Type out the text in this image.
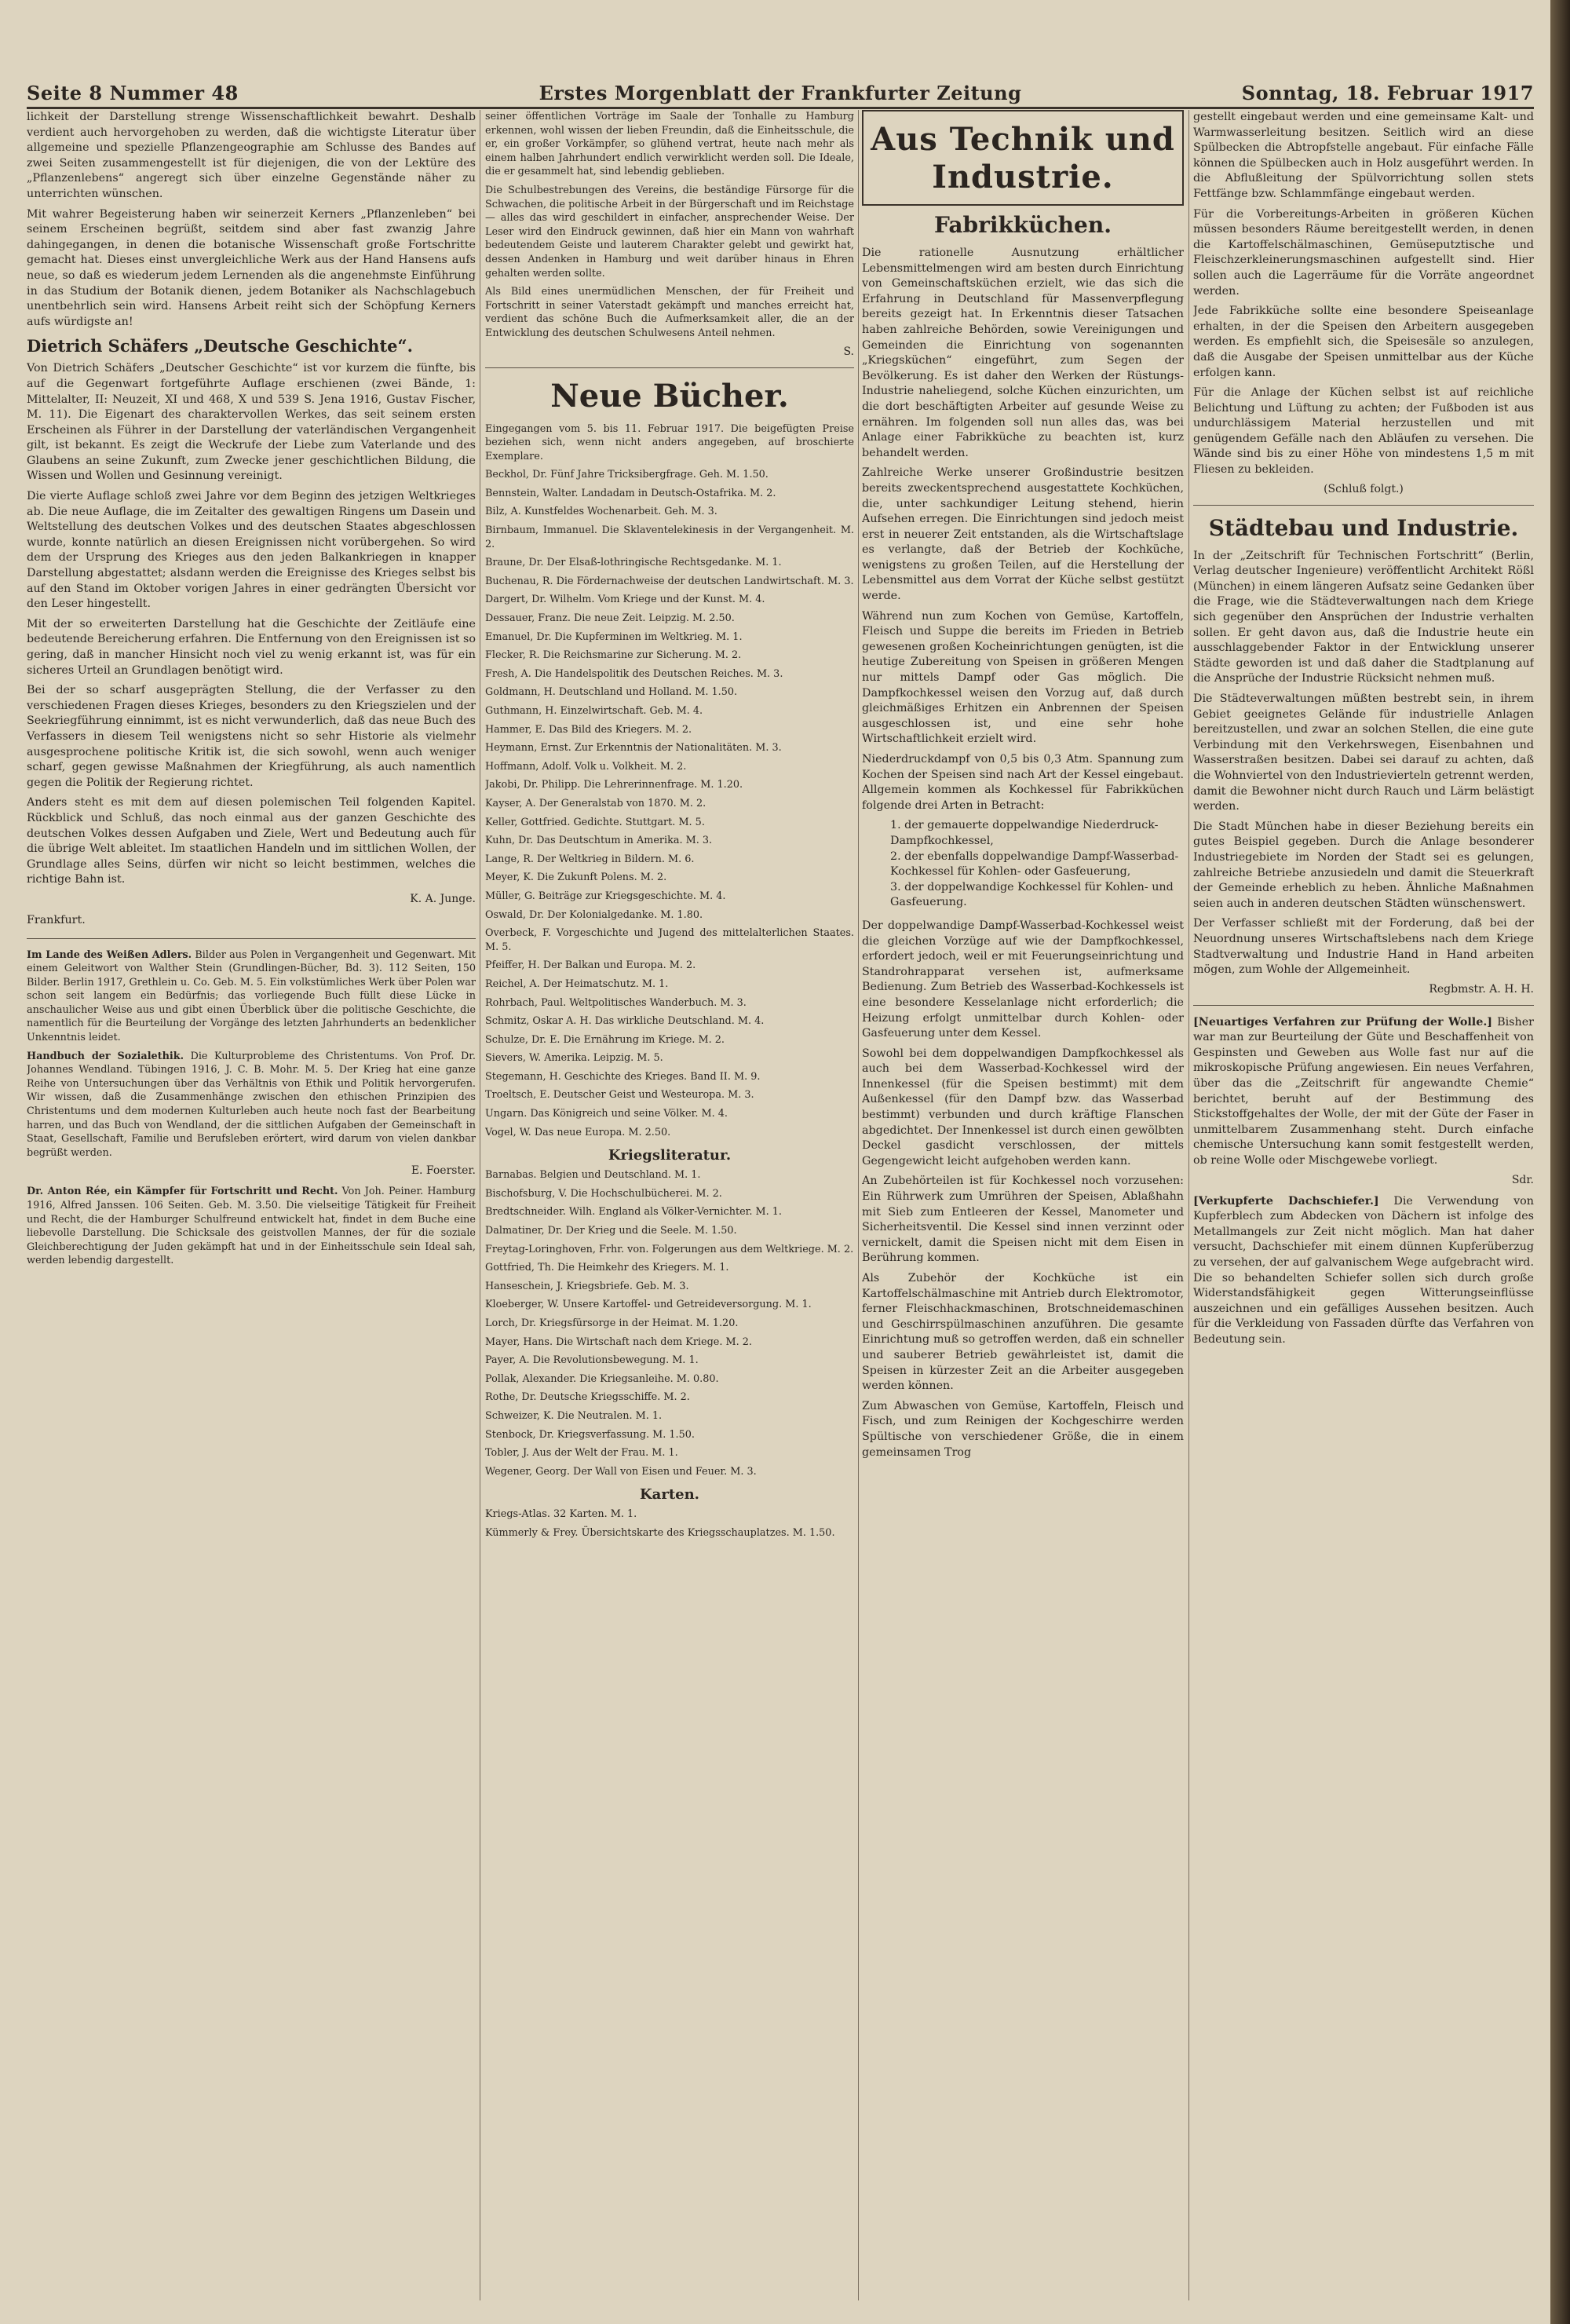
Seite 8 Nummer 48	Erstes Morgenblatt der Frankfurter Zeitung	Sonntag, 18. Februar 1917

lichkeit der Darstellung strenge Wissenschaftlichkeit bewahrt. Deshalb verdient auch hervorgehoben zu werden, daß die wichtigste Literatur über allgemeine und spezielle Pflanzengeographie am Schlusse des Bandes auf zwei Seiten zusammengestellt ist für diejenigen, die von der Lektüre des „Pflanzenlebens“ angeregt sich über einzelne Gegenstände näher zu unterrichten wünschen.

Mit wahrer Begeisterung haben wir seinerzeit Kerners „Pflanzenleben“ bei seinem Erscheinen begrüßt, seitdem sind aber fast zwanzig Jahre dahingegangen, in denen die botanische Wissenschaft große Fortschritte gemacht hat. Dieses einst unvergleichliche Werk aus der Hand Hansens aufs neue, so daß es wiederum jedem Lernenden als die angenehmste Einführung in das Studium der Botanik dienen, jedem Botaniker als Nachschlagebuch unentbehrlich sein wird. Hansens Arbeit reiht sich der Schöpfung Kerners aufs würdigste an!

Dietrich Schäfers „Deutsche Geschichte“.

Von Dietrich Schäfers „Deutscher Geschichte“ ist vor kurzem die fünfte, bis auf die Gegenwart fortgeführte Auflage erschienen (zwei Bände, 1: Mittelalter, II: Neuzeit, XI und 468, X und 539 S. Jena 1916, Gustav Fischer, M. 11). Die Eigenart des charaktervollen Werkes, das seit seinem ersten Erscheinen als Führer in der Darstellung der vaterländischen Vergangenheit gilt, ist bekannt. Es zeigt die Weckrufe der Liebe zum Vaterlande und des Glaubens an seine Zukunft, zum Zwecke jener geschichtlichen Bildung, die Wissen und Wollen und Gesinnung vereinigt.

Die vierte Auflage schloß zwei Jahre vor dem Beginn des jetzigen Weltkrieges ab. Die neue Auflage, die im Zeitalter des gewaltigen Ringens um Dasein und Weltstellung des deutschen Volkes und des deutschen Staates abgeschlossen wurde, konnte natürlich an diesen Ereignissen nicht vorübergehen. So wird dem der Ursprung des Krieges aus den jeden Balkankriegen in knapper Darstellung abgestattet; alsdann werden die Ereignisse des Krieges selbst bis auf den Stand im Oktober vorigen Jahres in einer gedrängten Übersicht vor den Leser hingestellt.

Mit der so erweiterten Darstellung hat die Geschichte der Zeitläufe eine bedeutende Bereicherung erfahren. Die Entfernung von den Ereignissen ist so gering, daß in mancher Hinsicht noch viel zu wenig erkannt ist, was für ein sicheres Urteil an Grundlagen benötigt wird.

Bei der so scharf ausgeprägten Stellung, die der Verfasser zu den verschiedenen Fragen dieses Krieges, besonders zu den Kriegszielen und der Seekriegführung einnimmt, ist es nicht verwunderlich, daß das neue Buch des Verfassers in diesem Teil wenigstens nicht so sehr Historie als vielmehr ausgesprochene politische Kritik ist, die sich sowohl, wenn auch weniger scharf, gegen gewisse Maßnahmen der Kriegführung, als auch namentlich gegen die Politik der Regierung richtet.

Anders steht es mit dem auf diesen polemischen Teil folgenden Kapitel. Rückblick und Schluß, das noch einmal aus der ganzen Geschichte des deutschen Volkes dessen Aufgaben und Ziele, Wert und Bedeutung auch für die übrige Welt ableitet. Im staatlichen Handeln und im sittlichen Wollen, der Grundlage alles Seins, dürfen wir nicht so leicht bestimmen, welches die richtige Bahn ist.

K. A. Junge.

Frankfurt.

Im Lande des Weißen Adlers. Bilder aus Polen in Vergangenheit und Gegenwart. Mit einem Geleitwort von Walther Stein (Grundlingen-Bücher, Bd. 3). 112 Seiten, 150 Bilder. Berlin 1917, Grethlein u. Co. Geb. M. 5. Ein volkstümliches Werk über Polen war schon seit langem ein Bedürfnis; das vorliegende Buch füllt diese Lücke in anschaulicher Weise aus und gibt einen Überblick über die politische Geschichte, die namentlich für die Beurteilung der Vorgänge des letzten Jahrhunderts an bedenklicher Unkenntnis leidet.

Handbuch der Sozialethik. Die Kulturprobleme des Christentums. Von Prof. Dr. Johannes Wendland. Tübingen 1916, J. C. B. Mohr. M. 5. Der Krieg hat eine ganze Reihe von Untersuchungen über das Verhältnis von Ethik und Politik hervorgerufen. Wir wissen, daß die Zusammenhänge zwischen den ethischen Prinzipien des Christentums und dem modernen Kulturleben auch heute noch fast der Bearbeitung harren, und das Buch von Wendland, der die sittlichen Aufgaben der Gemeinschaft in Staat, Gesellschaft, Familie und Berufsleben erörtert, wird darum von vielen dankbar begrüßt werden.

E. Foerster.

Dr. Anton Rée, ein Kämpfer für Fortschritt und Recht. Von Joh. Peiner. Hamburg 1916, Alfred Janssen. 106 Seiten. Geb. M. 3.50. Die vielseitige Tätigkeit für Freiheit und Recht, die der Hamburger Schulfreund entwickelt hat, findet in dem Buche eine liebevolle Darstellung. Die Schicksale des geistvollen Mannes, der für die soziale Gleichberechtigung der Juden gekämpft hat und in der Einheitsschule sein Ideal sah, werden lebendig dargestellt.

seiner öffentlichen Vorträge im Saale der Tonhalle zu Hamburg erkennen, wohl wissen der lieben Freundin, daß die Einheitsschule, die er, ein großer Vorkämpfer, so glühend vertrat, heute nach mehr als einem halben Jahrhundert endlich verwirklicht werden soll. Die Ideale, die er gesammelt hat, sind lebendig geblieben.

Die Schulbestrebungen des Vereins, die beständige Fürsorge für die Schwachen, die politische Arbeit in der Bürgerschaft und im Reichstage — alles das wird geschildert in einfacher, ansprechender Weise. Der Leser wird den Eindruck gewinnen, daß hier ein Mann von wahrhaft bedeutendem Geiste und lauterem Charakter gelebt und gewirkt hat, dessen Andenken in Hamburg und weit darüber hinaus in Ehren gehalten werden sollte.

Als Bild eines unermüdlichen Menschen, der für Freiheit und Fortschritt in seiner Vaterstadt gekämpft und manches erreicht hat, verdient das schöne Buch die Aufmerksamkeit aller, die an der Entwicklung des deutschen Schulwesens Anteil nehmen.

S.
Neue Bücher.

Eingegangen vom 5. bis 11. Februar 1917. Die beigefügten Preise beziehen sich, wenn nicht anders angegeben, auf broschierte Exemplare.

Beckhol, Dr. Fünf Jahre Tricksibergfrage. Geh. M. 1.50.

Bennstein, Walter. Landadam in Deutsch-Ostafrika. M. 2.

Bilz, A. Kunstfeldes Wochenarbeit. Geh. M. 3.

Birnbaum, Immanuel. Die Sklaventelekinesis in der Vergangenheit. M. 2.

Braune, Dr. Der Elsaß-lothringische Rechtsgedanke. M. 1.

Buchenau, R. Die Fördernachweise der deutschen Landwirtschaft. M. 3.

Dargert, Dr. Wilhelm. Vom Kriege und der Kunst. M. 4.

Dessauer, Franz. Die neue Zeit. Leipzig. M. 2.50.

Emanuel, Dr. Die Kupferminen im Weltkrieg. M. 1.

Flecker, R. Die Reichsmarine zur Sicherung. M. 2.

Fresh, A. Die Handelspolitik des Deutschen Reiches. M. 3.

Goldmann, H. Deutschland und Holland. M. 1.50.

Guthmann, H. Einzelwirtschaft. Geb. M. 4.

Hammer, E. Das Bild des Kriegers. M. 2.

Heymann, Ernst. Zur Erkenntnis der Nationalitäten. M. 3.

Hoffmann, Adolf. Volk u. Volkheit. M. 2.

Jakobi, Dr. Philipp. Die Lehrerinnenfrage. M. 1.20.

Kayser, A. Der Generalstab von 1870. M. 2.

Keller, Gottfried. Gedichte. Stuttgart. M. 5.

Kuhn, Dr. Das Deutschtum in Amerika. M. 3.

Lange, R. Der Weltkrieg in Bildern. M. 6.

Meyer, K. Die Zukunft Polens. M. 2.

Müller, G. Beiträge zur Kriegsgeschichte. M. 4.

Oswald, Dr. Der Kolonialgedanke. M. 1.80.

Overbeck, F. Vorgeschichte und Jugend des mittelalterlichen Staates. M. 5.

Pfeiffer, H. Der Balkan und Europa. M. 2.

Reichel, A. Der Heimatschutz. M. 1.

Rohrbach, Paul. Weltpolitisches Wanderbuch. M. 3.

Schmitz, Oskar A. H. Das wirkliche Deutschland. M. 4.

Schulze, Dr. E. Die Ernährung im Kriege. M. 2.

Sievers, W. Amerika. Leipzig. M. 5.

Stegemann, H. Geschichte des Krieges. Band II. M. 9.

Troeltsch, E. Deutscher Geist und Westeuropa. M. 3.

Ungarn. Das Königreich und seine Völker. M. 4.

Vogel, W. Das neue Europa. M. 2.50.

Kriegsliteratur.

Barnabas. Belgien und Deutschland. M. 1.

Bischofsburg, V. Die Hochschulbücherei. M. 2.

Bredtschneider. Wilh. England als Völker-Vernichter. M. 1.

Dalmatiner, Dr. Der Krieg und die Seele. M. 1.50.

Freytag-Loringhoven, Frhr. von. Folgerungen aus dem Weltkriege. M. 2.

Gottfried, Th. Die Heimkehr des Kriegers. M. 1.

Hanseschein, J. Kriegsbriefe. Geb. M. 3.

Kloeberger, W. Unsere Kartoffel- und Getreideversorgung. M. 1.

Lorch, Dr. Kriegsfürsorge in der Heimat. M. 1.20.

Mayer, Hans. Die Wirtschaft nach dem Kriege. M. 2.

Payer, A. Die Revolutionsbewegung. M. 1.

Pollak, Alexander. Die Kriegsanleihe. M. 0.80.

Rothe, Dr. Deutsche Kriegsschiffe. M. 2.

Schweizer, K. Die Neutralen. M. 1.

Stenbock, Dr. Kriegsverfassung. M. 1.50.

Tobler, J. Aus der Welt der Frau. M. 1.

Wegener, Georg. Der Wall von Eisen und Feuer. M. 3.

Karten.

Kriegs-Atlas. 32 Karten. M. 1.

Kümmerly & Frey. Übersichtskarte des Kriegsschauplatzes. M. 1.50.

Aus Technik und Industrie.
Fabrikküchen.

Die rationelle Ausnutzung erhältlicher Lebensmittelmengen wird am besten durch Einrichtung von Gemeinschaftsküchen erzielt, wie das sich die Erfahrung in Deutschland für Massenverpflegung bereits gezeigt hat. In Erkenntnis dieser Tatsachen haben zahlreiche Behörden, sowie Vereinigungen und Gemeinden die Einrichtung von sogenannten „Kriegsküchen“ eingeführt, zum Segen der Bevölkerung. Es ist daher den Werken der Rüstungs-Industrie naheliegend, solche Küchen einzurichten, um die dort beschäftigten Arbeiter auf gesunde Weise zu ernähren. Im folgenden soll nun alles das, was bei Anlage einer Fabrikküche zu beachten ist, kurz behandelt werden.

Zahlreiche Werke unserer Großindustrie besitzen bereits zweckentsprechend ausgestattete Kochküchen, die, unter sachkundiger Leitung stehend, hierin Aufsehen erregen. Die Einrichtungen sind jedoch meist erst in neuerer Zeit entstanden, als die Wirtschaftslage es verlangte, daß der Betrieb der Kochküche, wenigstens zu großen Teilen, auf die Herstellung der Lebensmittel aus dem Vorrat der Küche selbst gestützt werde.

Während nun zum Kochen von Gemüse, Kartoffeln, Fleisch und Suppe die bereits im Frieden in Betrieb gewesenen großen Kocheinrichtungen genügten, ist die heutige Zubereitung von Speisen in größeren Mengen nur mittels Dampf oder Gas möglich. Die Dampfkochkessel weisen den Vorzug auf, daß durch gleichmäßiges Erhitzen ein Anbrennen der Speisen ausgeschlossen ist, und eine sehr hohe Wirtschaftlichkeit erzielt wird.

Niederdruckdampf von 0,5 bis 0,3 Atm. Spannung zum Kochen der Speisen sind nach Art der Kessel eingebaut. Allgemein kommen als Kochkessel für Fabrikküchen folgende drei Arten in Betracht:

1. der gemauerte doppelwandige Niederdruck-Dampfkochkessel,
2. der ebenfalls doppelwandige Dampf-Wasserbad-Kochkessel für Kohlen- oder Gasfeuerung,
3. der doppelwandige Kochkessel für Kohlen- und Gasfeuerung.

Der doppelwandige Dampf-Wasserbad-Kochkessel weist die gleichen Vorzüge auf wie der Dampfkochkessel, erfordert jedoch, weil er mit Feuerungseinrichtung und Standrohrapparat versehen ist, aufmerksame Bedienung. Zum Betrieb des Wasserbad-Kochkessels ist eine besondere Kesselanlage nicht erforderlich; die Heizung erfolgt unmittelbar durch Kohlen- oder Gasfeuerung unter dem Kessel.

Sowohl bei dem doppelwandigen Dampfkochkessel als auch bei dem Wasserbad-Kochkessel wird der Innenkessel (für die Speisen bestimmt) mit dem Außenkessel (für den Dampf bzw. das Wasserbad bestimmt) verbunden und durch kräftige Flanschen abgedichtet. Der Innenkessel ist durch einen gewölbten Deckel gasdicht verschlossen, der mittels Gegengewicht leicht aufgehoben werden kann.

An Zubehörteilen ist für Kochkessel noch vorzusehen: Ein Rührwerk zum Umrühren der Speisen, Ablaßhahn mit Sieb zum Entleeren der Kessel, Manometer und Sicherheitsventil. Die Kessel sind innen verzinnt oder vernickelt, damit die Speisen nicht mit dem Eisen in Berührung kommen.

Als Zubehör der Kochküche ist ein Kartoffelschälmaschine mit Antrieb durch Elektromotor, ferner Fleischhackmaschinen, Brotschneidemaschinen und Geschirrspülmaschinen anzuführen. Die gesamte Einrichtung muß so getroffen werden, daß ein schneller und sauberer Betrieb gewährleistet ist, damit die Speisen in kürzester Zeit an die Arbeiter ausgegeben werden können.

Zum Abwaschen von Gemüse, Kartoffeln, Fleisch und Fisch, und zum Reinigen der Kochgeschirre werden Spültische von verschiedener Größe, die in einem gemeinsamen Trog

gestellt eingebaut werden und eine gemeinsame Kalt- und Warmwasserleitung besitzen. Seitlich wird an diese Spülbecken die Abtropfstelle angebaut. Für einfache Fälle können die Spülbecken auch in Holz ausgeführt werden. In die Abflußleitung der Spülvorrichtung sollen stets Fettfänge bzw. Schlammfänge eingebaut werden.

Für die Vorbereitungs-Arbeiten in größeren Küchen müssen besonders Räume bereitgestellt werden, in denen die Kartoffelschälmaschinen, Gemüseputztische und Fleischzerkleinerungsmaschinen aufgestellt sind. Hier sollen auch die Lagerräume für die Vorräte angeordnet werden.

Jede Fabrikküche sollte eine besondere Speiseanlage erhalten, in der die Speisen den Arbeitern ausgegeben werden. Es empfiehlt sich, die Speisesäle so anzulegen, daß die Ausgabe der Speisen unmittelbar aus der Küche erfolgen kann.

Für die Anlage der Küchen selbst ist auf reichliche Belichtung und Lüftung zu achten; der Fußboden ist aus undurchlässigem Material herzustellen und mit genügendem Gefälle nach den Abläufen zu versehen. Die Wände sind bis zu einer Höhe von mindestens 1,5 m mit Fliesen zu bekleiden.

(Schluß folgt.)
Städtebau und Industrie.

In der „Zeitschrift für Technischen Fortschritt“ (Berlin, Verlag deutscher Ingenieure) veröffentlicht Architekt Rößl (München) in einem längeren Aufsatz seine Gedanken über die Frage, wie die Städteverwaltungen nach dem Kriege sich gegenüber den Ansprüchen der Industrie verhalten sollen. Er geht davon aus, daß die Industrie heute ein ausschlaggebender Faktor in der Entwicklung unserer Städte geworden ist und daß daher die Stadtplanung auf die Ansprüche der Industrie Rücksicht nehmen muß.

Die Städteverwaltungen müßten bestrebt sein, in ihrem Gebiet geeignetes Gelände für industrielle Anlagen bereitzustellen, und zwar an solchen Stellen, die eine gute Verbindung mit den Verkehrswegen, Eisenbahnen und Wasserstraßen besitzen. Dabei sei darauf zu achten, daß die Wohnviertel von den Industrievierteln getrennt werden, damit die Bewohner nicht durch Rauch und Lärm belästigt werden.

Die Stadt München habe in dieser Beziehung bereits ein gutes Beispiel gegeben. Durch die Anlage besonderer Industriegebiete im Norden der Stadt sei es gelungen, zahlreiche Betriebe anzusiedeln und damit die Steuerkraft der Gemeinde erheblich zu heben. Ähnliche Maßnahmen seien auch in anderen deutschen Städten wünschenswert.

Der Verfasser schließt mit der Forderung, daß bei der Neuordnung unseres Wirtschaftslebens nach dem Kriege Stadtverwaltung und Industrie Hand in Hand arbeiten mögen, zum Wohle der Allgemeinheit.

Regbmstr. A. H. H.

[Neuartiges Verfahren zur Prüfung der Wolle.] Bisher war man zur Beurteilung der Güte und Beschaffenheit von Gespinsten und Geweben aus Wolle fast nur auf die mikroskopische Prüfung angewiesen. Ein neues Verfahren, über das die „Zeitschrift für angewandte Chemie“ berichtet, beruht auf der Bestimmung des Stickstoffgehaltes der Wolle, der mit der Güte der Faser in unmittelbarem Zusammenhang steht. Durch einfache chemische Untersuchung kann somit festgestellt werden, ob reine Wolle oder Mischgewebe vorliegt.

Sdr.

[Verkupferte Dachschiefer.] Die Verwendung von Kupferblech zum Abdecken von Dächern ist infolge des Metallmangels zur Zeit nicht möglich. Man hat daher versucht, Dachschiefer mit einem dünnen Kupferüberzug zu versehen, der auf galvanischem Wege aufgebracht wird. Die so behandelten Schiefer sollen sich durch große Widerstandsfähigkeit gegen Witterungseinflüsse auszeichnen und ein gefälliges Aussehen besitzen. Auch für die Verkleidung von Fassaden dürfte das Verfahren von Bedeutung sein.
